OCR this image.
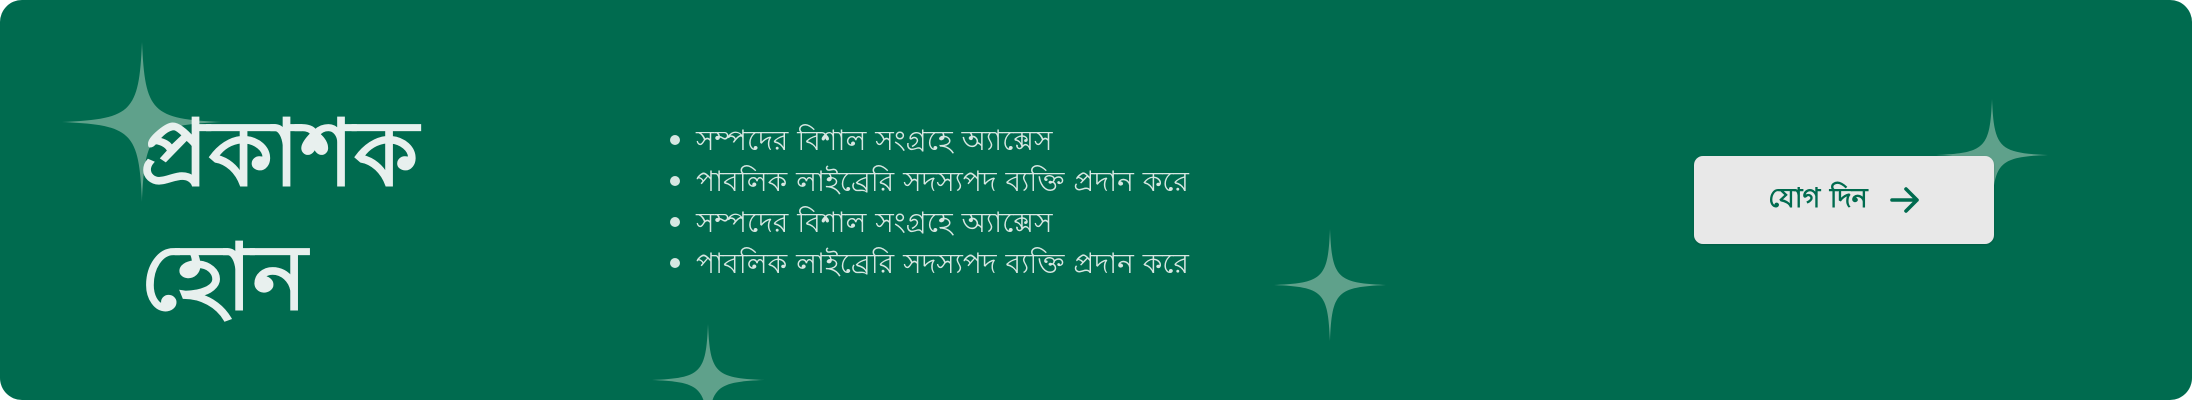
প্রকাশক
হোন
সম্পদের বিশাল সংগ্রহে অ্যাক্সেস
পাবলিক লাইব্রেরি সদস্যপদ ব্যক্তি প্রদান করে
সম্পদের বিশাল সংগ্রহে অ্যাক্সেস
পাবলিক লাইব্রেরি সদস্যপদ ব্যক্তি প্রদান করে
যোগ দিন
